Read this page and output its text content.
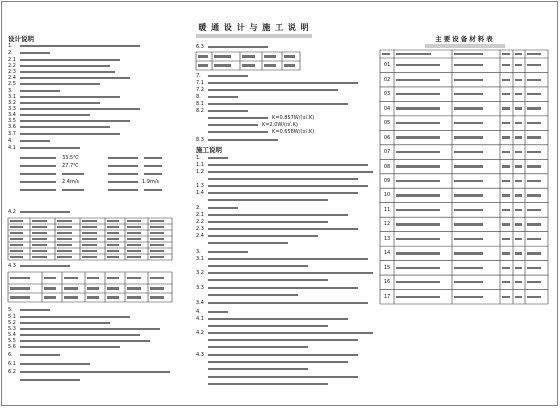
暖 通 设 计 与 施 工 说 明
主要设备材料表
设计说明
1.
2.
2.1
2.2
2.3
2.4
2.5
3.
3.1
3.2
3.3
3.4
3.5
3.6
3.7
4.
4.1
4.2
4.3
5.
5.1
5.2
5.3
5.4
5.5
5.6
6.
6.1
6.2
33.5℃
27.7℃
2.4m/s	1.9m/s
6.3
7.
7.1
7.2
8.
8.1
8.2
K=0.857W/(㎡.K)
K=2.0W/(㎡.K)
K=0.658W/(㎡.K)
8.3
1.
1.1
1.2
1.3
1.4
2.
2.1
2.2
2.3
2.4
3.
3.1
3.2
3.3
3.4
4.
4.1
4.2
4.3
施工说明
01
02
03
04
05
06
07
08
09
10
11
12
13
14
15
16
17
